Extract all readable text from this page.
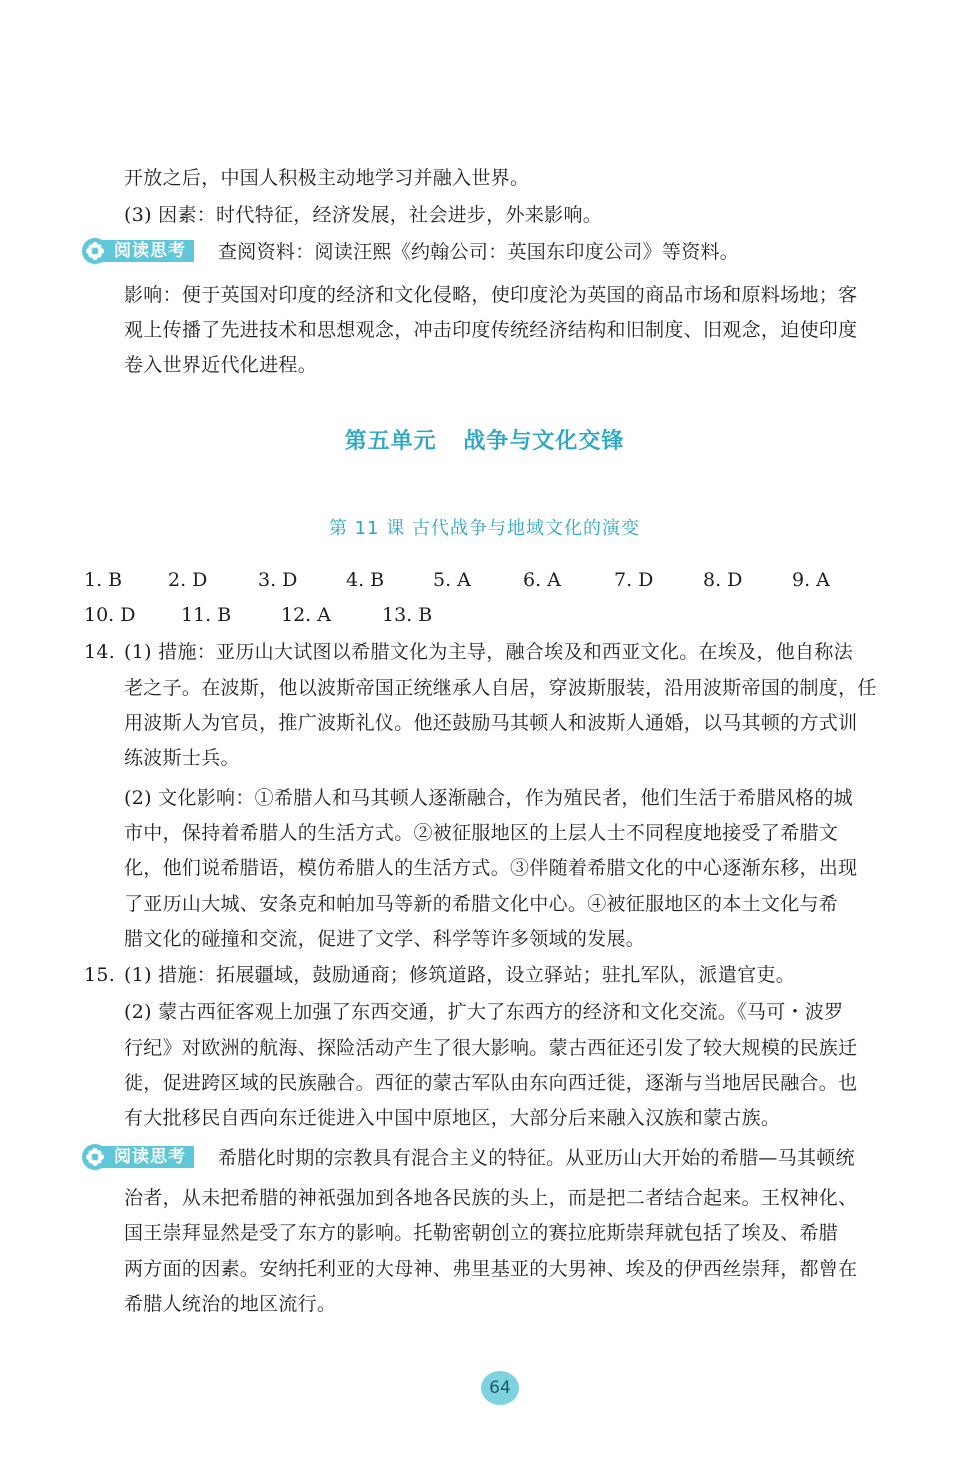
开放之后，中国人积极主动地学习并融入世界。
(3) 因素：时代特征，经济发展，社会进步，外来影响。
阅读思考	查阅资料：阅读汪熙《约翰公司：英国东印度公司》等资料。
影响：便于英国对印度的经济和文化侵略，使印度沦为英国的商品市场和原料场地；客
观上传播了先进技术和思想观念，冲击印度传统经济结构和旧制度、旧观念，迫使印度
卷入世界近代化进程。
第五单元 战争与文化交锋
第 11 课 古代战争与地域文化的演变
1. B 2. D	3. D	4. B	5. A	6. A	7. D	8. D	9. A
10. D 11. B	12. A	13. B
14. (1) 措施：亚历山大试图以希腊文化为主导，融合埃及和西亚文化。在埃及，他自称法
老之子。在波斯，他以波斯帝国正统继承人自居，穿波斯服装，沿用波斯帝国的制度，任
用波斯人为官员，推广波斯礼仪。他还鼓励马其顿人和波斯人通婚，以马其顿的方式训
练波斯士兵。
(2) 文化影响：①希腊人和马其顿人逐渐融合，作为殖民者，他们生活于希腊风格的城
市中，保持着希腊人的生活方式。②被征服地区的上层人士不同程度地接受了希腊文
化，他们说希腊语，模仿希腊人的生活方式。③伴随着希腊文化的中心逐渐东移，出现
了亚历山大城、安条克和帕加马等新的希腊文化中心。④被征服地区的本土文化与希
腊文化的碰撞和交流，促进了文学、科学等许多领域的发展。
15. (1) 措施：拓展疆域，鼓励通商；修筑道路，设立驿站；驻扎军队，派遣官吏。
(2) 蒙古西征客观上加强了东西交通，扩大了东西方的经济和文化交流。《马可・波罗
行纪》对欧洲的航海、探险活动产生了很大影响。蒙古西征还引发了较大规模的民族迁
徙，促进跨区域的民族融合。西征的蒙古军队由东向西迁徙，逐渐与当地居民融合。也
有大批移民自西向东迁徙进入中国中原地区，大部分后来融入汉族和蒙古族。
阅读思考	希腊化时期的宗教具有混合主义的特征。从亚历山大开始的希腊—马其顿统
治者，从未把希腊的神祇强加到各地各民族的头上，而是把二者结合起来。王权神化、
国王崇拜显然是受了东方的影响。托勒密朝创立的赛拉庇斯崇拜就包括了埃及、希腊
两方面的因素。安纳托利亚的大母神、弗里基亚的大男神、埃及的伊西丝崇拜，都曾在
希腊人统治的地区流行。
64
